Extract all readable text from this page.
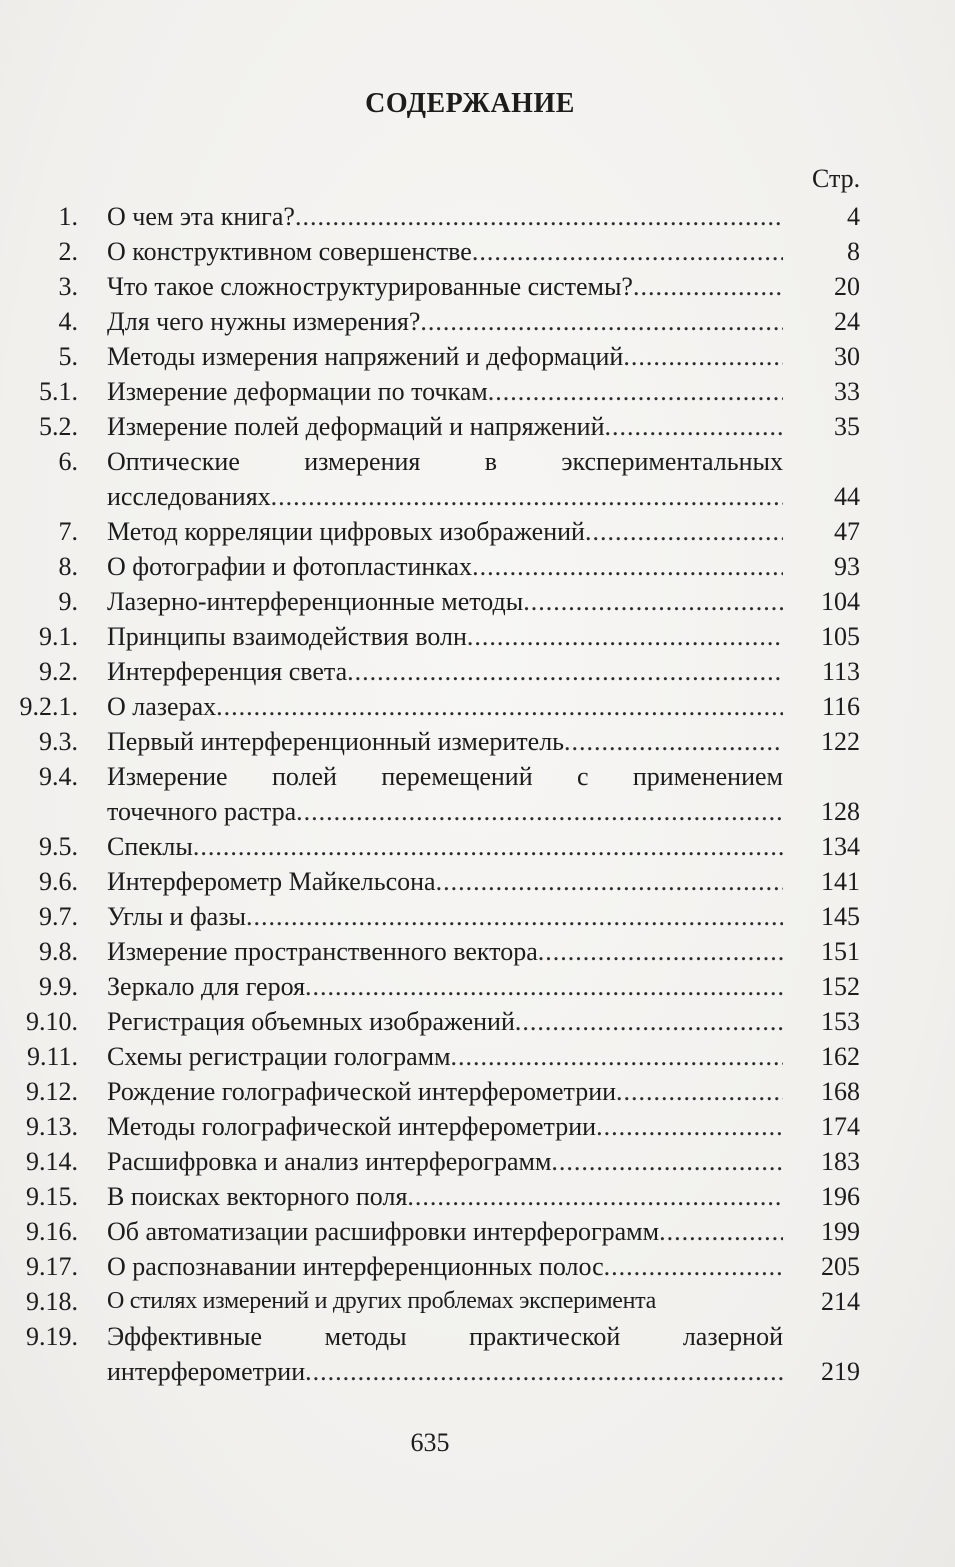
СОДЕРЖАНИЕ
Стр.
1. О чем эта книга? .....	4
2. О конструктивном совершенстве .....	8
3. Что такое сложноструктурированные системы? .....	20
4. Для чего нужны измерения? .....	24
5. Методы измерения напряжений и деформаций .....	30
5.1. Измерение деформации по точкам .....	33
5.2. Измерение полей деформаций и напряжений .....	35
6. Оптические измерения в экспериментальных
исследованиях .....	44
7. Метод корреляции цифровых изображений .....	47
8. О фотографии и фотопластинках .....	93
9. Лазерно-интерференционные методы .....	104
9.1. Принципы взаимодействия волн .....	105
9.2. Интерференция света .....	113
9.2.1. О лазерах .....	116
9.3. Первый интерференционный измеритель .....	122
9.4. Измерение полей перемещений с применением
точечного растра .....	128
9.5. Спеклы .....	134
9.6. Интерферометр Майкельсона .....	141
9.7. Углы и фазы .....	145
9.8. Измерение пространственного вектора .....	151
9.9. Зеркало для героя .....	152
9.10. Регистрация объемных изображений .....	153
9.11. Схемы регистрации голограмм .....	162
9.12. Рождение голографической интерферометрии .....	168
9.13. Методы голографической интерферометрии .....	174
9.14. Расшифровка и анализ интерферограмм .....	183
9.15. В поисках векторного поля .....	196
9.16. Об автоматизации расшифровки интерферограмм .....	199
9.17. О распознавании интерференционных полос .....	205
9.18. О стилях измерений и других проблемах эксперимента	214
9.19. Эффективные методы практической лазерной
интерферометрии .....	219
635
